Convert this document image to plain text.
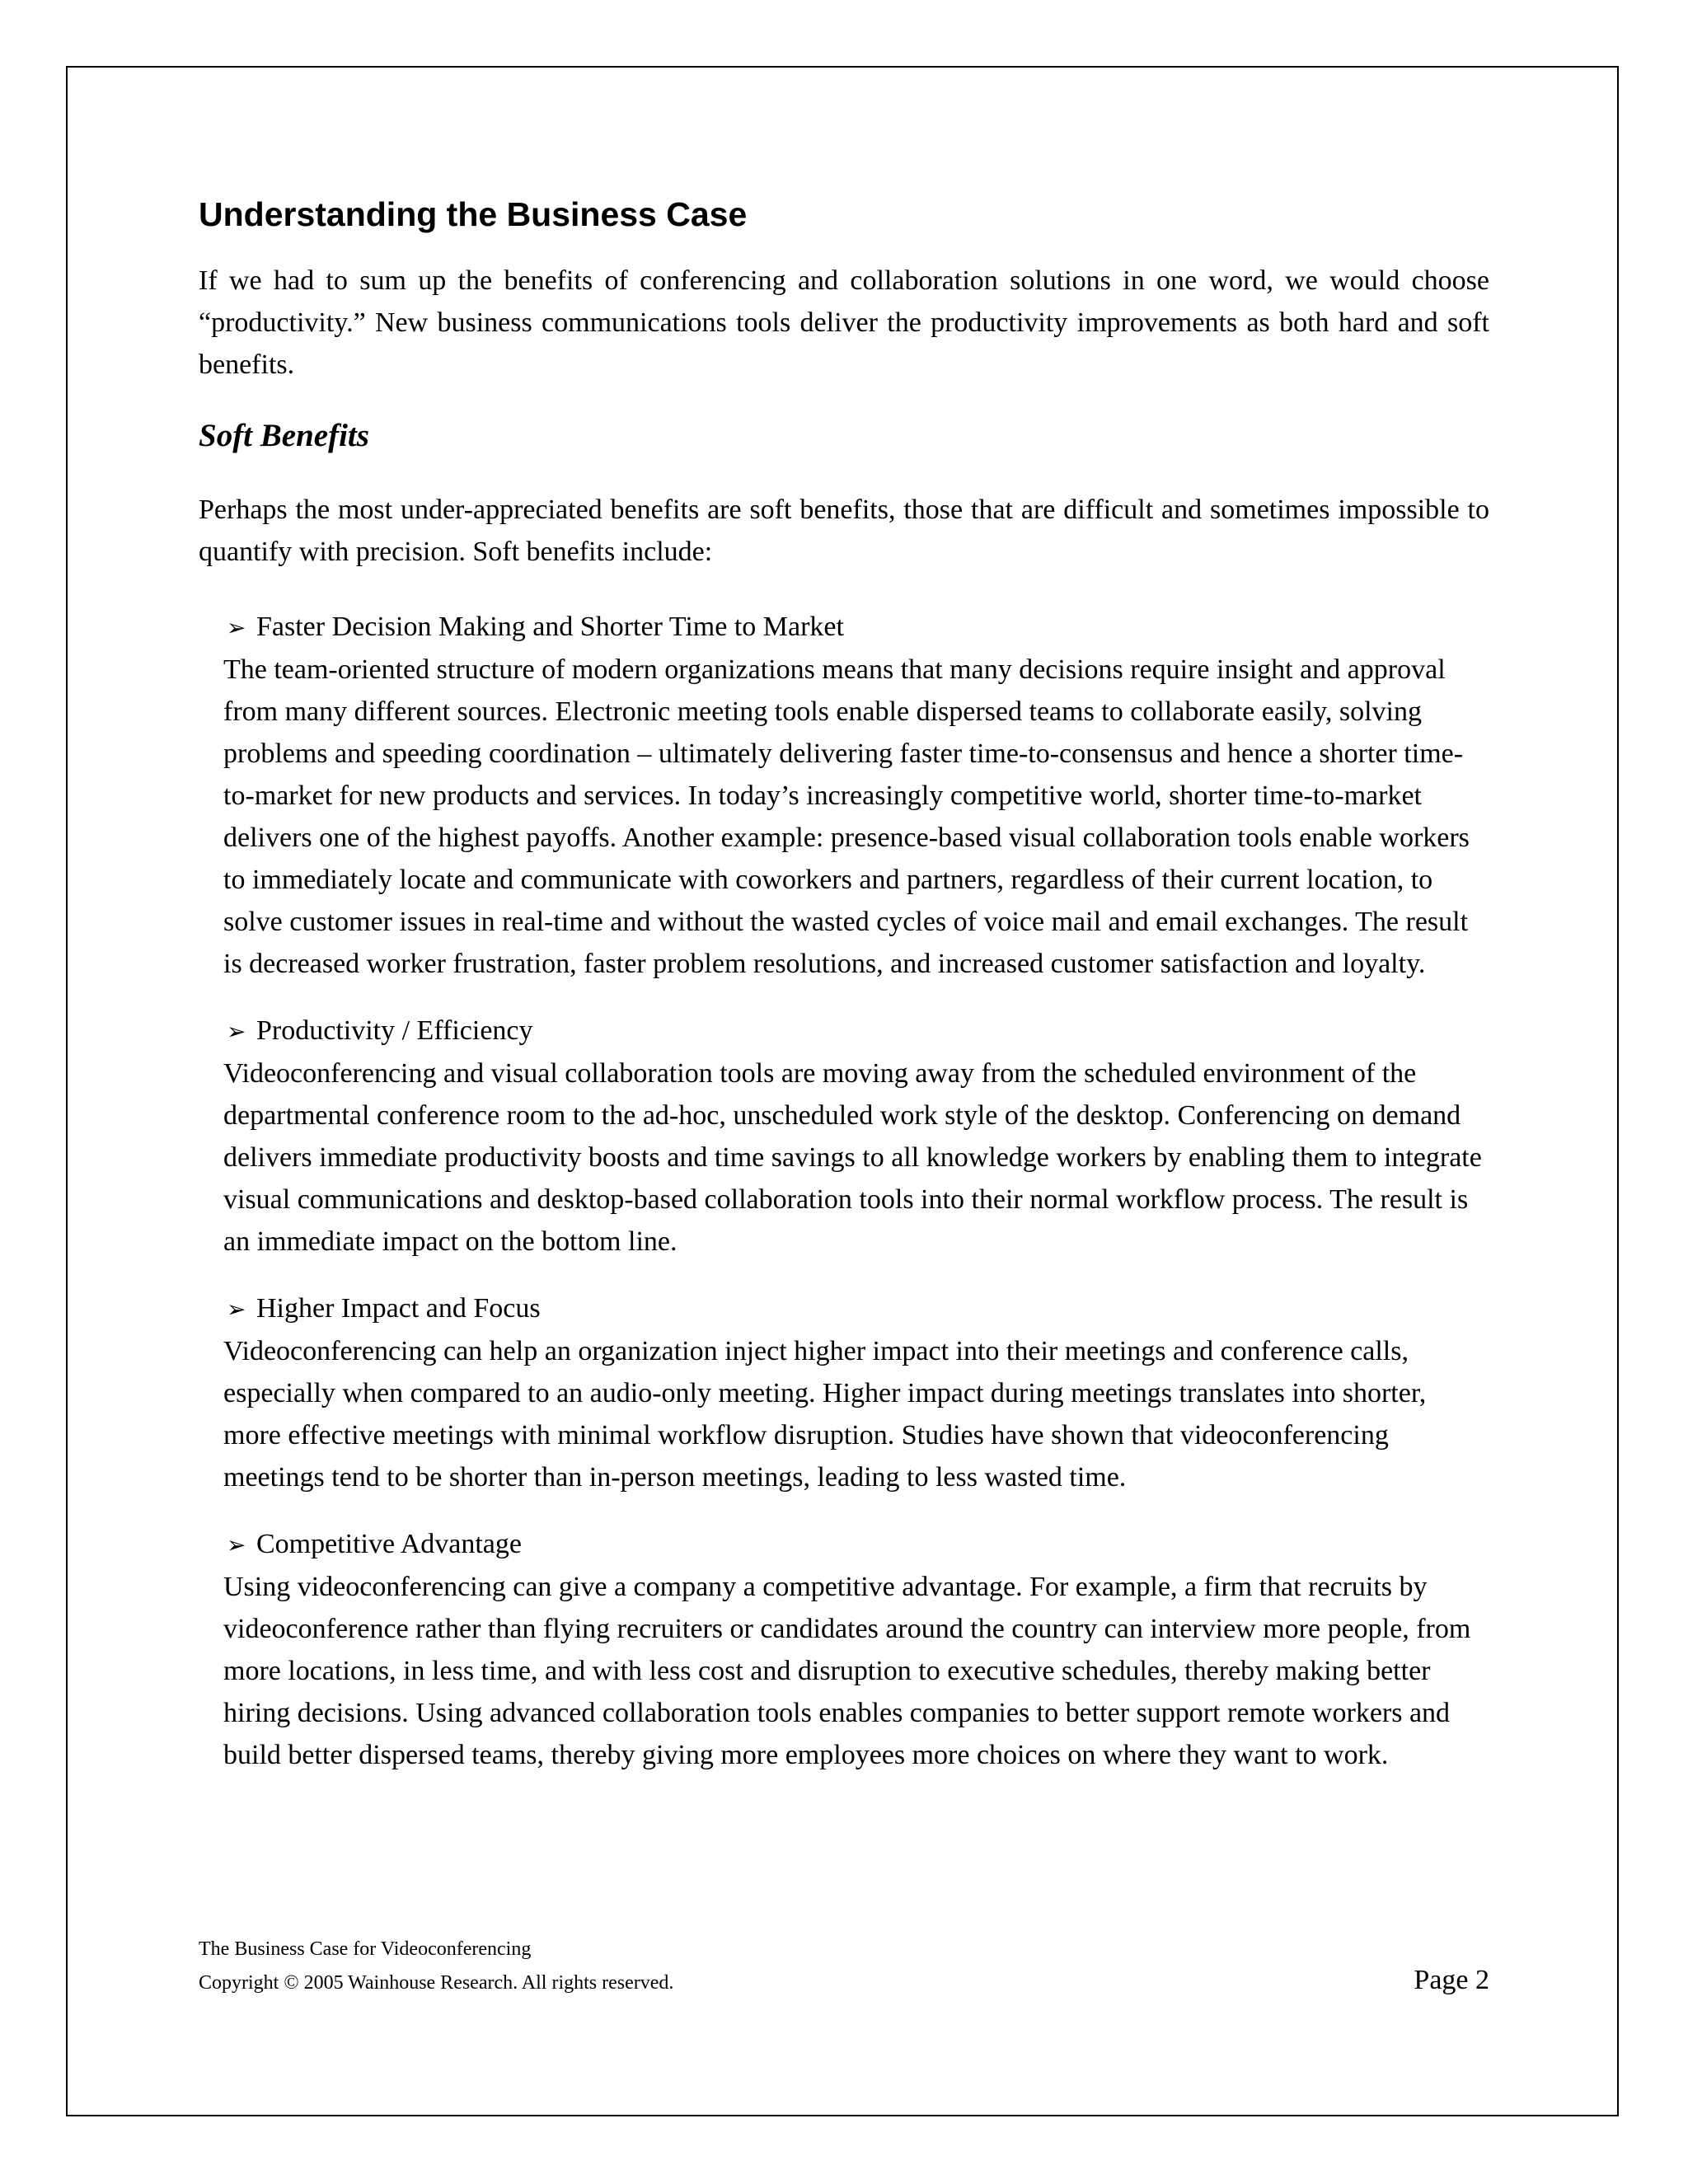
Understanding the Business Case

If we had to sum up the benefits of conferencing and collaboration solutions in one word, we would choose “productivity.” New business communications tools deliver the productivity improvements as both hard and soft benefits.

Soft Benefits

Perhaps the most under-appreciated benefits are soft benefits, those that are difficult and sometimes impossible to quantify with precision. Soft benefits include:

➢ Faster Decision Making and Shorter Time to Market

The team-oriented structure of modern organizations means that many decisions require insight and approval from many different sources. Electronic meeting tools enable dispersed teams to collaborate easily, solving problems and speeding coordination – ultimately delivering faster time-to-consensus and hence a shorter time-to-market for new products and services. In today’s increasingly competitive world, shorter time-to-market delivers one of the highest payoffs. Another example: presence-based visual collaboration tools enable workers to immediately locate and communicate with coworkers and partners, regardless of their current location, to solve customer issues in real-time and without the wasted cycles of voice mail and email exchanges. The result is decreased worker frustration, faster problem resolutions, and increased customer satisfaction and loyalty.

➢ Productivity / Efficiency

Videoconferencing and visual collaboration tools are moving away from the scheduled environment of the departmental conference room to the ad-hoc, unscheduled work style of the desktop. Conferencing on demand delivers immediate productivity boosts and time savings to all knowledge workers by enabling them to integrate visual communications and desktop-based collaboration tools into their normal workflow process. The result is an immediate impact on the bottom line.

➢ Higher Impact and Focus

Videoconferencing can help an organization inject higher impact into their meetings and conference calls, especially when compared to an audio-only meeting. Higher impact during meetings translates into shorter, more effective meetings with minimal workflow disruption. Studies have shown that videoconferencing meetings tend to be shorter than in-person meetings, leading to less wasted time.

➢ Competitive Advantage

Using videoconferencing can give a company a competitive advantage. For example, a firm that recruits by videoconference rather than flying recruiters or candidates around the country can interview more people, from more locations, in less time, and with less cost and disruption to executive schedules, thereby making better hiring decisions. Using advanced collaboration tools enables companies to better support remote workers and build better dispersed teams, thereby giving more employees more choices on where they want to work.

The Business Case for Videoconferencing
Copyright © 2005 Wainhouse Research. All rights reserved.	Page 2
